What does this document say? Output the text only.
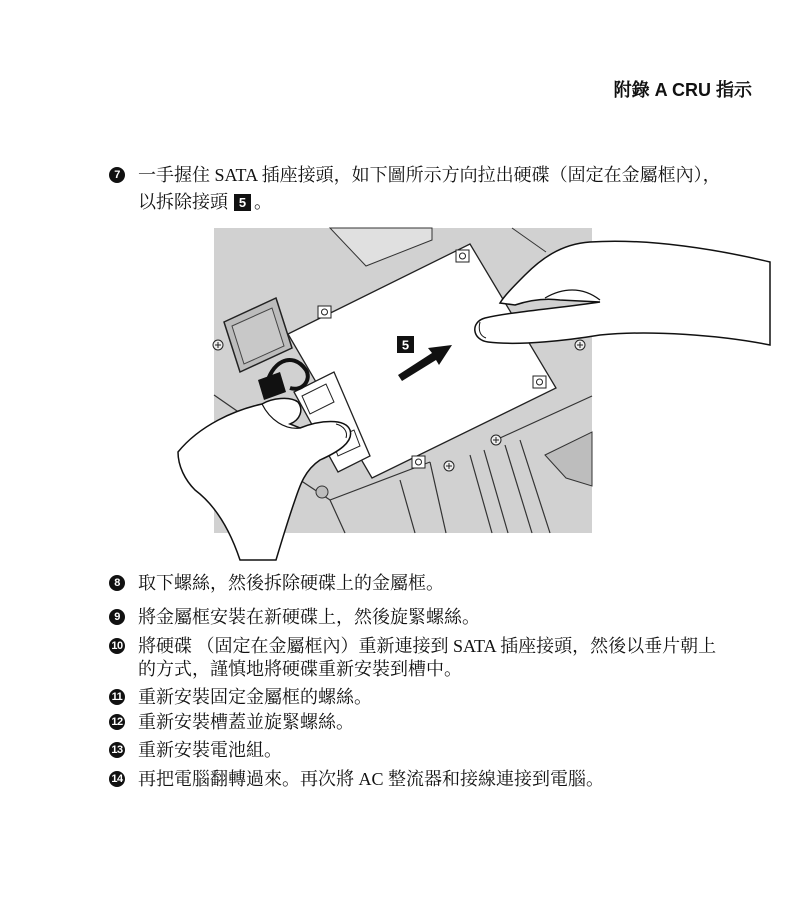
附錄 A CRU 指示
7 一手握住 SATA 插座接頭，如下圖所示方向拉出硬碟（固定在金屬框內），
以拆除接頭 5 。
5
8 取下螺絲，然後拆除硬碟上的金屬框。
9 將金屬框安裝在新硬碟上，然後旋緊螺絲。
10 將硬碟 （固定在金屬框內）重新連接到 SATA 插座接頭，然後以垂片朝上
的方式，謹慎地將硬碟重新安裝到槽中。
11 重新安裝固定金屬框的螺絲。
12 重新安裝槽蓋並旋緊螺絲。
13 重新安裝電池組。
14 再把電腦翻轉過來。再次將 AC 整流器和接線連接到電腦。
